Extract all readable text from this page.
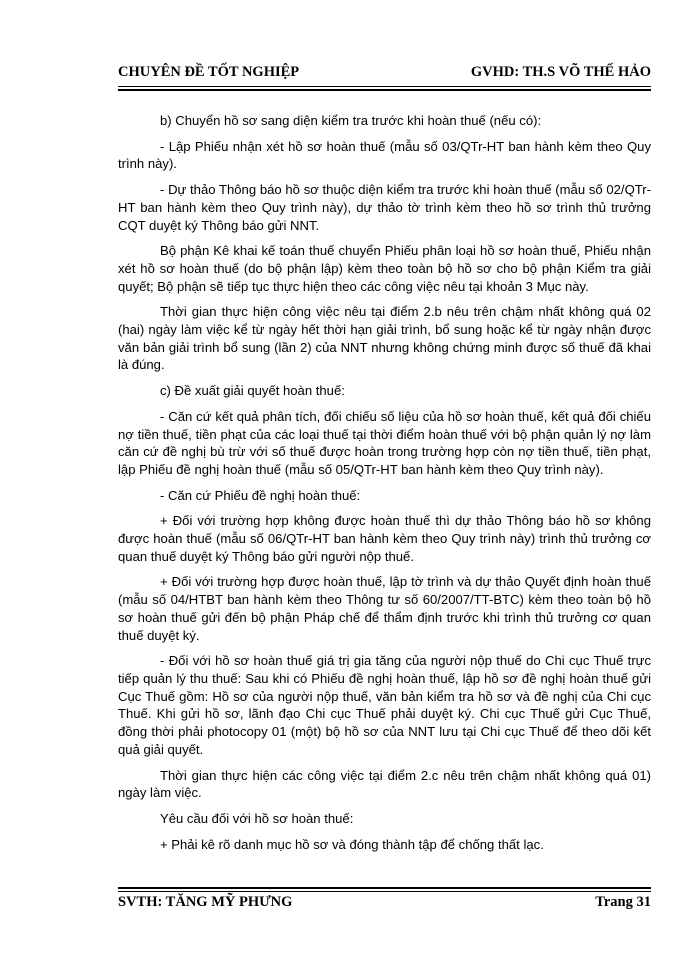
CHUYÊN ĐỀ TỐT NGHIỆP	GVHD: TH.S VÕ THẾ HẢO

b) Chuyển hồ sơ sang diện kiểm tra trước khi hoàn thuế (nếu có):

- Lập Phiếu nhận xét hồ sơ hoàn thuế (mẫu số 03/QTr-HT ban hành kèm theo Quy trình này).

- Dự thảo Thông báo hồ sơ thuộc diện kiểm tra trước khi hoàn thuế (mẫu số 02/QTr-HT ban hành kèm theo Quy trình này), dự thảo tờ trình kèm theo hồ sơ trình thủ trưởng CQT duyệt ký Thông báo gửi NNT.

Bộ phận Kê khai kế toán thuế chuyển Phiếu phân loại hồ sơ hoàn thuế, Phiếu nhận xét hồ sơ hoàn thuế (do bộ phận lập) kèm theo toàn bộ hồ sơ cho bộ phận Kiểm tra giải quyết; Bộ phận sẽ tiếp tục thực hiện theo các công việc nêu tại khoản 3 Mục này.

Thời gian thực hiện công việc nêu tại điểm 2.b nêu trên chậm nhất không quá 02 (hai) ngày làm việc kể từ ngày hết thời hạn giải trình, bổ sung hoặc kể từ ngày nhận được văn bản giải trình bổ sung (lần 2) của NNT nhưng không chứng minh được số thuế đã khai là đúng.

c) Đề xuất giải quyết hoàn thuế:

- Căn cứ kết quả phân tích, đối chiếu số liệu của hồ sơ hoàn thuế, kết quả đối chiếu nợ tiền thuế, tiền phạt của các loại thuế tại thời điểm hoàn thuế với bộ phận quản lý nợ làm căn cứ đề nghị bù trừ với số thuế được hoàn trong trường hợp còn nợ tiền thuế, tiền phạt, lập Phiếu đề nghị hoàn thuế (mẫu số 05/QTr-HT ban hành kèm theo Quy trình này).

- Căn cứ Phiếu đề nghị hoàn thuế:

+ Đối với trường hợp không được hoàn thuế thì dự thảo Thông báo hồ sơ không được hoàn thuế (mẫu số 06/QTr-HT ban hành kèm theo Quy trình này) trình thủ trưởng cơ quan thuế duyệt ký Thông báo gửi người nộp thuế.

+ Đối với trường hợp được hoàn thuế, lập tờ trình và dự thảo Quyết định hoàn thuế (mẫu số 04/HTBT ban hành kèm theo Thông tư số 60/2007/TT-BTC) kèm theo toàn bộ hồ sơ hoàn thuế gửi đến bộ phận Pháp chế để thẩm định trước khi trình thủ trưởng cơ quan thuế duyệt ký.

- Đối với hồ sơ hoàn thuế giá trị gia tăng của người nộp thuế do Chi cục Thuế trực tiếp quản lý thu thuế: Sau khi có Phiếu đề nghị hoàn thuế, lập hồ sơ đề nghị hoàn thuế gửi Cục Thuế gồm: Hồ sơ của người nộp thuế, văn bản kiểm tra hồ sơ và đề nghị của Chi cục Thuế. Khi gửi hồ sơ, lãnh đạo Chi cục Thuế phải duyệt ký. Chi cục Thuế gửi Cục Thuế, đồng thời phải photocopy 01 (một) bộ hồ sơ của NNT lưu tại Chi cục Thuế để theo dõi kết quả giải quyết.

Thời gian thực hiện các công việc tại điểm 2.c nêu trên chậm nhất không quá 01) ngày làm việc.

Yêu cầu đối với hồ sơ hoàn thuế:

+ Phải kê rõ danh mục hồ sơ và đóng thành tập để chống thất lạc.

SVTH: TĂNG MỸ PHƯNG	Trang 31
